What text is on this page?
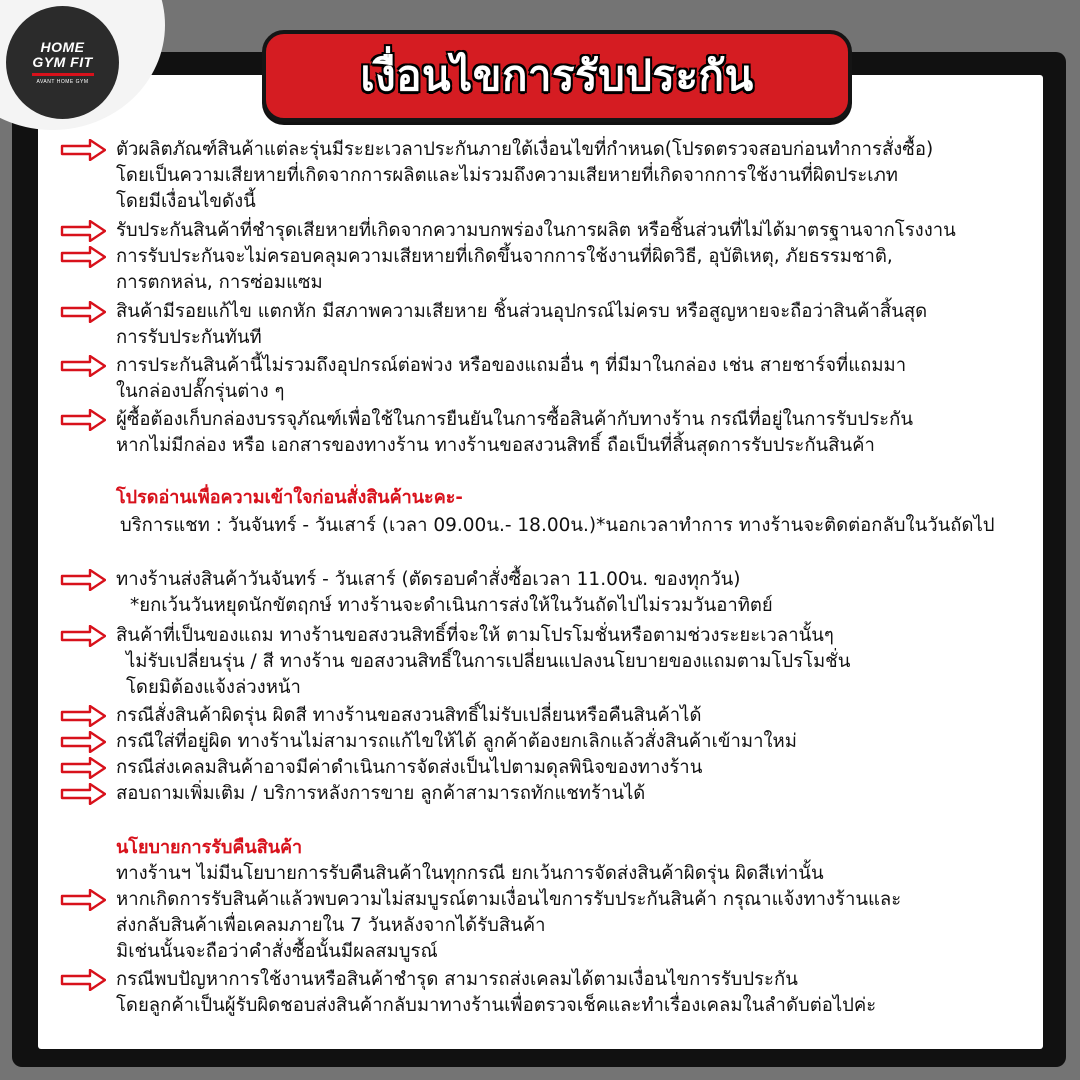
HOME
GYM FIT
AVANT HOME GYM	เงื่อนไขการรับประกัน

ตัวผลิตภัณฑ์สินค้าแต่ละรุ่นมีระยะเวลาประกันภายใต้เงื่อนไขที่กำหนด(โปรดตรวจสอบก่อนทำการสั่งซื้อ)

โดยเป็นความเสียหายที่เกิดจากการผลิตและไม่รวมถึงความเสียหายที่เกิดจากการใช้งานที่ผิดประเภท

โดยมีเงื่อนไขดังนี้

รับประกันสินค้าที่ชำรุดเสียหายที่เกิดจากความบกพร่องในการผลิต หรือชิ้นส่วนที่ไม่ได้มาตรฐานจากโรงงาน

การรับประกันจะไม่ครอบคลุมความเสียหายที่เกิดขึ้นจากการใช้งานที่ผิดวิธี, อุบัติเหตุ, ภัยธรรมชาติ,

การตกหล่น, การซ่อมแซม

สินค้ามีรอยแก้ไข แตกหัก มีสภาพความเสียหาย ชิ้นส่วนอุปกรณ์ไม่ครบ หรือสูญหายจะถือว่าสินค้าสิ้นสุด

การรับประกันทันที

การประกันสินค้านี้ไม่รวมถึงอุปกรณ์ต่อพ่วง หรือของแถมอื่น ๆ ที่มีมาในกล่อง เช่น สายชาร์จที่แถมมา

ในกล่องปลั๊กรุ่นต่าง ๆ

ผู้ซื้อต้องเก็บกล่องบรรจุภัณฑ์เพื่อใช้ในการยืนยันในการซื้อสินค้ากับทางร้าน กรณีที่อยู่ในการรับประกัน

หากไม่มีกล่อง หรือ เอกสารของทางร้าน ทางร้านขอสงวนสิทธิ์ ถือเป็นที่สิ้นสุดการรับประกันสินค้า

โปรดอ่านเพื่อความเข้าใจก่อนสั่งสินค้านะคะ-

บริการแชท : วันจันทร์ - วันเสาร์ (เวลา 09.00น.- 18.00น.)*นอกเวลาทำการ ทางร้านจะติดต่อกลับในวันถัดไป

ทางร้านส่งสินค้าวันจันทร์ - วันเสาร์ (ตัดรอบคำสั่งซื้อเวลา 11.00น. ของทุกวัน)

*ยกเว้นวันหยุดนักขัตฤกษ์ ทางร้านจะดำเนินการส่งให้ในวันถัดไปไม่รวมวันอาทิตย์

สินค้าที่เป็นของแถม ทางร้านขอสงวนสิทธิ์ที่จะให้ ตามโปรโมชั่นหรือตามช่วงระยะเวลานั้นๆ

ไม่รับเปลี่ยนรุ่น / สี ทางร้าน ขอสงวนสิทธิ์ในการเปลี่ยนแปลงนโยบายของแถมตามโปรโมชั่น

โดยมิต้องแจ้งล่วงหน้า

กรณีสั่งสินค้าผิดรุ่น ผิดสี ทางร้านขอสงวนสิทธิ์ไม่รับเปลี่ยนหรือคืนสินค้าได้

กรณีใส่ที่อยู่ผิด ทางร้านไม่สามารถแก้ไขให้ได้ ลูกค้าต้องยกเลิกแล้วสั่งสินค้าเข้ามาใหม่

กรณีส่งเคลมสินค้าอาจมีค่าดำเนินการจัดส่งเป็นไปตามดุลพินิจของทางร้าน

สอบถามเพิ่มเติม / บริการหลังการขาย ลูกค้าสามารถทักแชทร้านได้

นโยบายการรับคืนสินค้า

ทางร้านฯ ไม่มีนโยบายการรับคืนสินค้าในทุกกรณี ยกเว้นการจัดส่งสินค้าผิดรุ่น ผิดสีเท่านั้น

หากเกิดการรับสินค้าแล้วพบความไม่สมบูรณ์ตามเงื่อนไขการรับประกันสินค้า กรุณาแจ้งทางร้านและ

ส่งกลับสินค้าเพื่อเคลมภายใน 7 วันหลังจากได้รับสินค้า

มิเช่นนั้นจะถือว่าคำสั่งซื้อนั้นมีผลสมบูรณ์

กรณีพบปัญหาการใช้งานหรือสินค้าชำรุด สามารถส่งเคลมได้ตามเงื่อนไขการรับประกัน

โดยลูกค้าเป็นผู้รับผิดชอบส่งสินค้ากลับมาทางร้านเพื่อตรวจเช็คและทำเรื่องเคลมในลำดับต่อไปค่ะ
